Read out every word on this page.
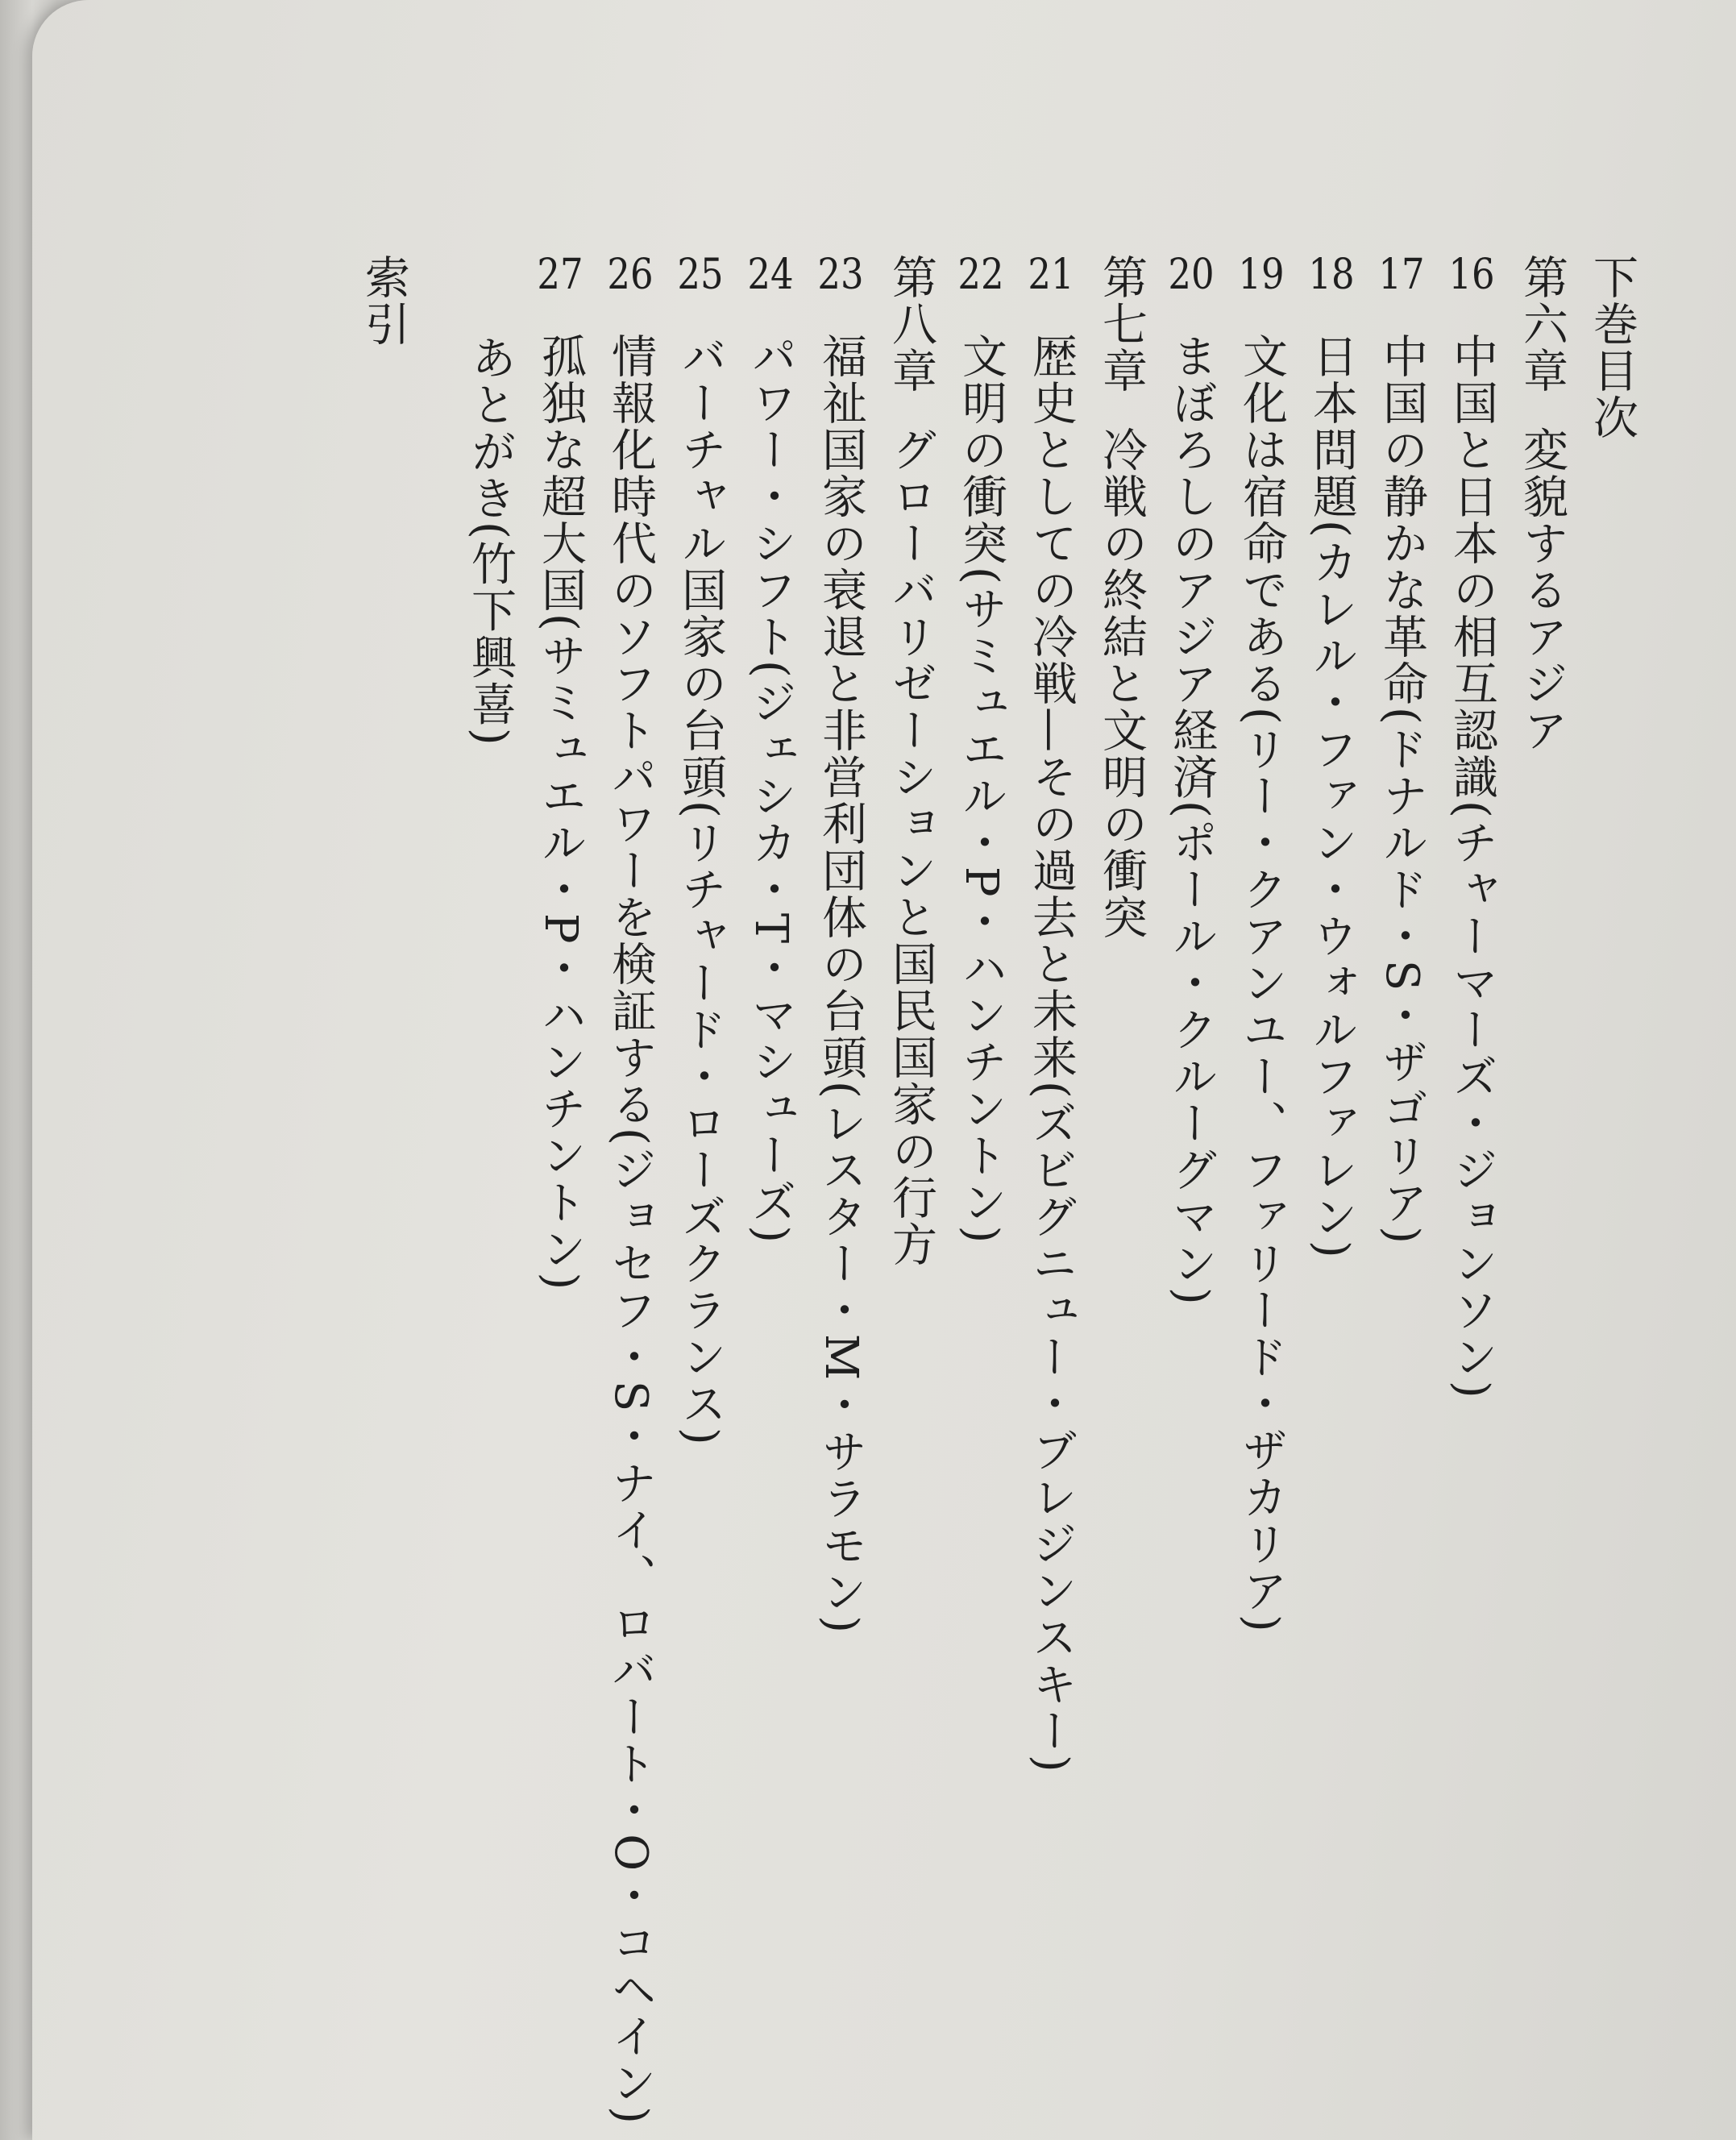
下巻目次
第六章変貌するアジア
16中国と日本の相互認識(チャーマーズ・ジョンソン)
17中国の静かな革命(ドナルド・S・ザゴリア)
18日本問題(カレル・ファン・ウォルファレン)
19文化は宿命である(リー・クアンユー、ファリード・ザカリア)
20まぼろしのアジア経済(ポール・クルーグマン)
第七章冷戦の終結と文明の衝突
21歴史としての冷戦—その過去と未来(ズビグニュー・ブレジンスキー)
22文明の衝突(サミュエル・P・ハンチントン)
第八章グローバリゼーションと国民国家の行方
23福祉国家の衰退と非営利団体の台頭(レスター・M・サラモン)
24パワー・シフト(ジェシカ・T・マシューズ)
25バーチャル国家の台頭(リチャード・ローズクランス)
26情報化時代のソフトパワーを検証する(ジョセフ・S・ナイ、ロバート・O・コヘイン)
27孤独な超大国(サミュエル・P・ハンチントン)
あとがき(竹下興喜)
索引
